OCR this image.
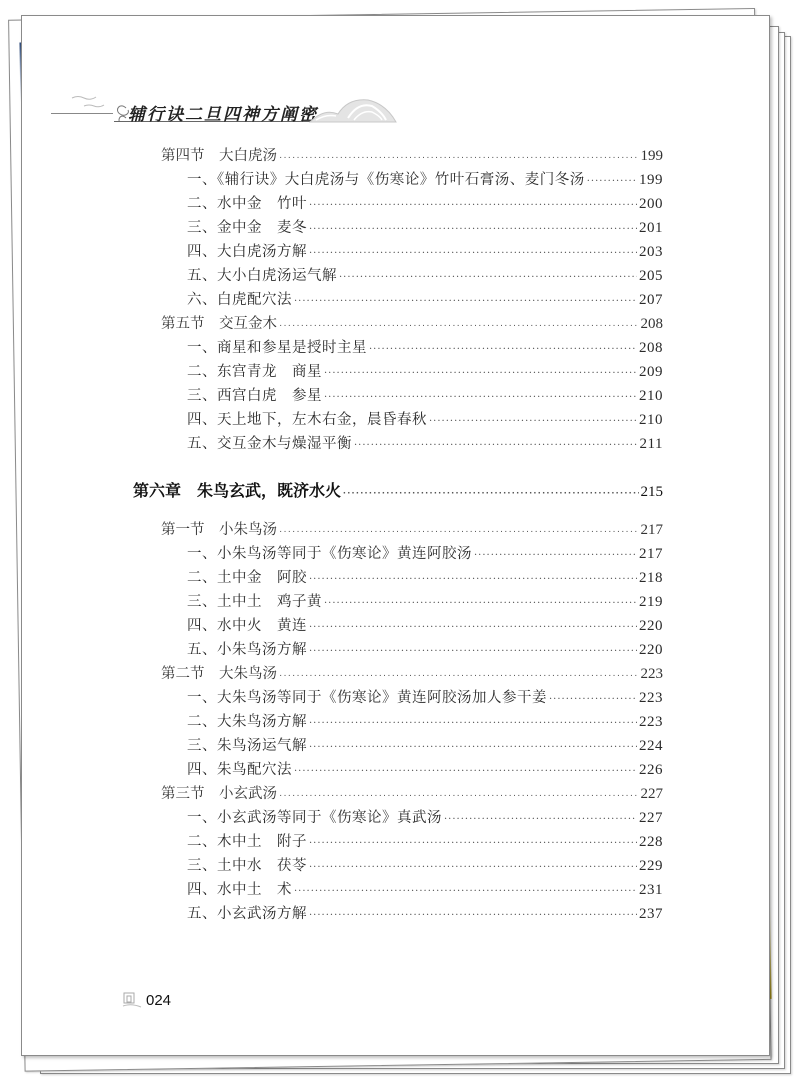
辅行诀二旦四神方阐密
第四节　大白虎汤 ·····	199
一、《辅行诀》大白虎汤与《伤寒论》竹叶石膏汤、麦门冬汤 ·····	199
二、水中金　竹叶 ·····	200
三、金中金　麦冬 ·····	201
四、大白虎汤方解 ·····	203
五、大小白虎汤运气解 ·····	205
六、白虎配穴法 ·····	207
第五节　交互金木 ·····	208
一、商星和参星是授时主星 ·····	208
二、东宫青龙　商星 ·····	209
三、西宫白虎　参星 ·····	210
四、天上地下，左木右金，晨昏春秋 ·····	210
五、交互金木与燥湿平衡 ·····	211
第六章　朱鸟玄武，既济水火 ·····	215
第一节　小朱鸟汤 ·····	217
一、小朱鸟汤等同于《伤寒论》黄连阿胶汤 ·····	217
二、土中金　阿胶 ·····	218
三、土中土　鸡子黄 ·····	219
四、水中火　黄连 ·····	220
五、小朱鸟汤方解 ·····	220
第二节　大朱鸟汤 ·····	223
一、大朱鸟汤等同于《伤寒论》黄连阿胶汤加人参干姜 ·····	223
二、大朱鸟汤方解 ·····	223
三、朱鸟汤运气解 ·····	224
四、朱鸟配穴法 ·····	226
第三节　小玄武汤 ·····	227
一、小玄武汤等同于《伤寒论》真武汤 ·····	227
二、木中土　附子 ·····	228
三、土中水　茯苓 ·····	229
四、水中土　术 ·····	231
五、小玄武汤方解 ·····	237
024
